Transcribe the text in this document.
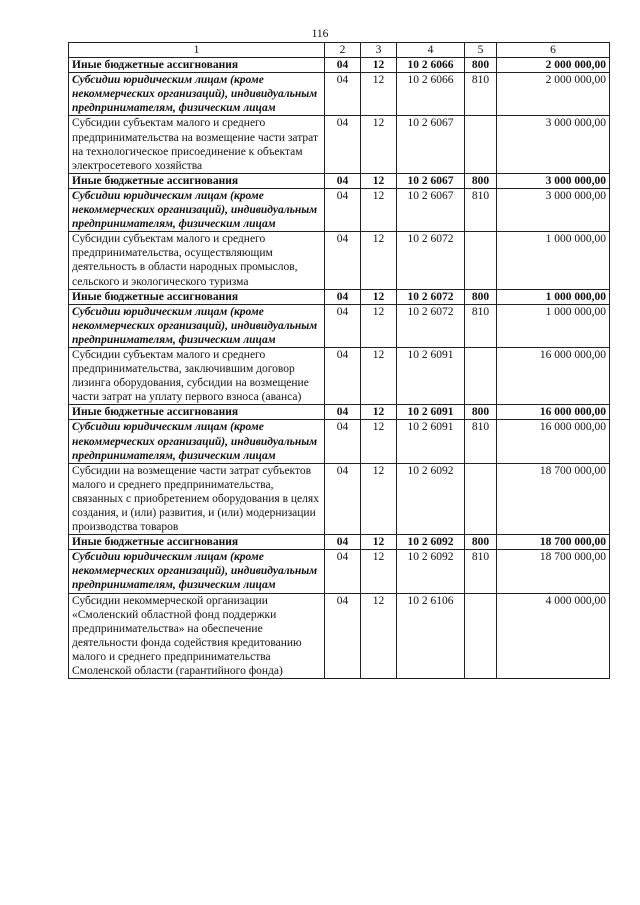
116
1	2	3	4	5	6
Иные бюджетные ассигнования	04	12	10 2 6066	800	2 000 000,00
Субсидии юридическим лицам (кроме некоммерческих организаций), индивидуальным предпринимателям, физическим лицам	04	12	10 2 6066	810	2 000 000,00
Субсидии субъектам малого и среднего предпринимательства на возмещение части затрат на технологическое присоединение к объектам электросетевого хозяйства	04	12	10 2 6067		3 000 000,00
Иные бюджетные ассигнования	04	12	10 2 6067	800	3 000 000,00
Субсидии юридическим лицам (кроме некоммерческих организаций), индивидуальным предпринимателям, физическим лицам	04	12	10 2 6067	810	3 000 000,00
Субсидии субъектам малого и среднего предпринимательства, осуществляющим деятельность в области народных промыслов, сельского и экологического туризма	04	12	10 2 6072		1 000 000,00
Иные бюджетные ассигнования	04	12	10 2 6072	800	1 000 000,00
Субсидии юридическим лицам (кроме некоммерческих организаций), индивидуальным предпринимателям, физическим лицам	04	12	10 2 6072	810	1 000 000,00
Субсидии субъектам малого и среднего предпринимательства, заключившим договор лизинга оборудования, субсидии на возмещение части затрат на уплату первого взноса (аванса)	04	12	10 2 6091		16 000 000,00
Иные бюджетные ассигнования	04	12	10 2 6091	800	16 000 000,00
Субсидии юридическим лицам (кроме некоммерческих организаций), индивидуальным предпринимателям, физическим лицам	04	12	10 2 6091	810	16 000 000,00
Субсидии на возмещение части затрат субъектов малого и среднего предпринимательства, связанных с приобретением оборудования в целях создания, и (или) развития, и (или) модернизации производства товаров	04	12	10 2 6092		18 700 000,00
Иные бюджетные ассигнования	04	12	10 2 6092	800	18 700 000,00
Субсидии юридическим лицам (кроме некоммерческих организаций), индивидуальным предпринимателям, физическим лицам	04	12	10 2 6092	810	18 700 000,00
Субсидии некоммерческой организации «Смоленский областной фонд поддержки предпринимательства» на обеспечение деятельности фонда содействия кредитованию малого и среднего предпринимательства Смоленской области (гарантийного фонда)	04	12	10 2 6106		4 000 000,00
